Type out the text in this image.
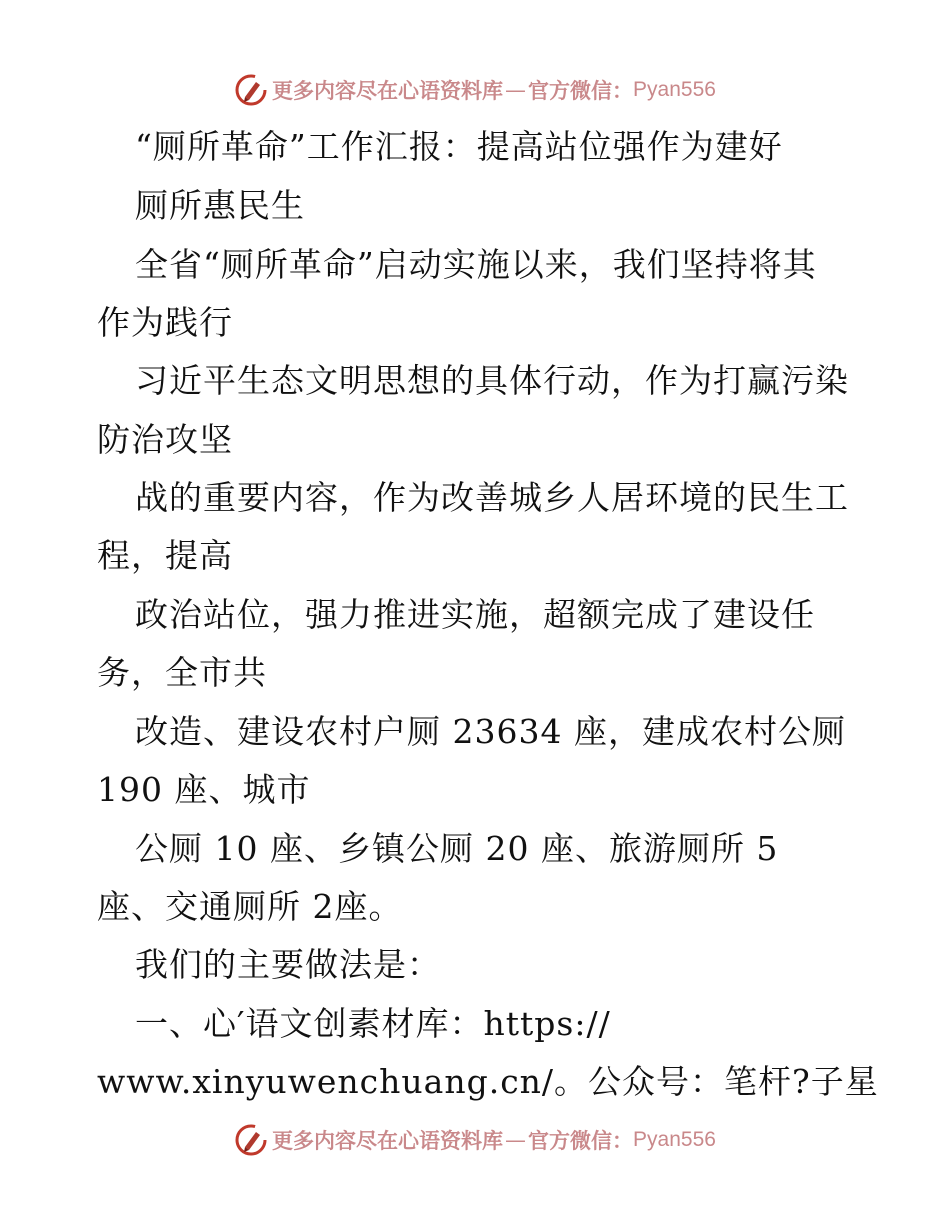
更多内容尽在心语资料库 — 官方微信： Pyan556
“厕所革命”工作汇报：提高站位强作为建好
厕所惠民生
全省“厕所革命”启动实施以来，我们坚持将其
作为践行
习近平生态文明思想的具体行动，作为打赢污染
防治攻坚
战的重要内容，作为改善城乡人居环境的民生工
程，提高
政治站位，强力推进实施，超额完成了建设任
务，全市共
改造、建设农村户厕 23634 座，建成农村公厕
190 座、城市
公厕 10 座、乡镇公厕 20 座、旅游厕所 5
座、交通厕所 2座。
我们的主要做法是：
一、心′语文创素材库：https://
www.xinyuwenchuang.cn/。公众号：笔杆?子星
更多内容尽在心语资料库 — 官方微信： Pyan556
